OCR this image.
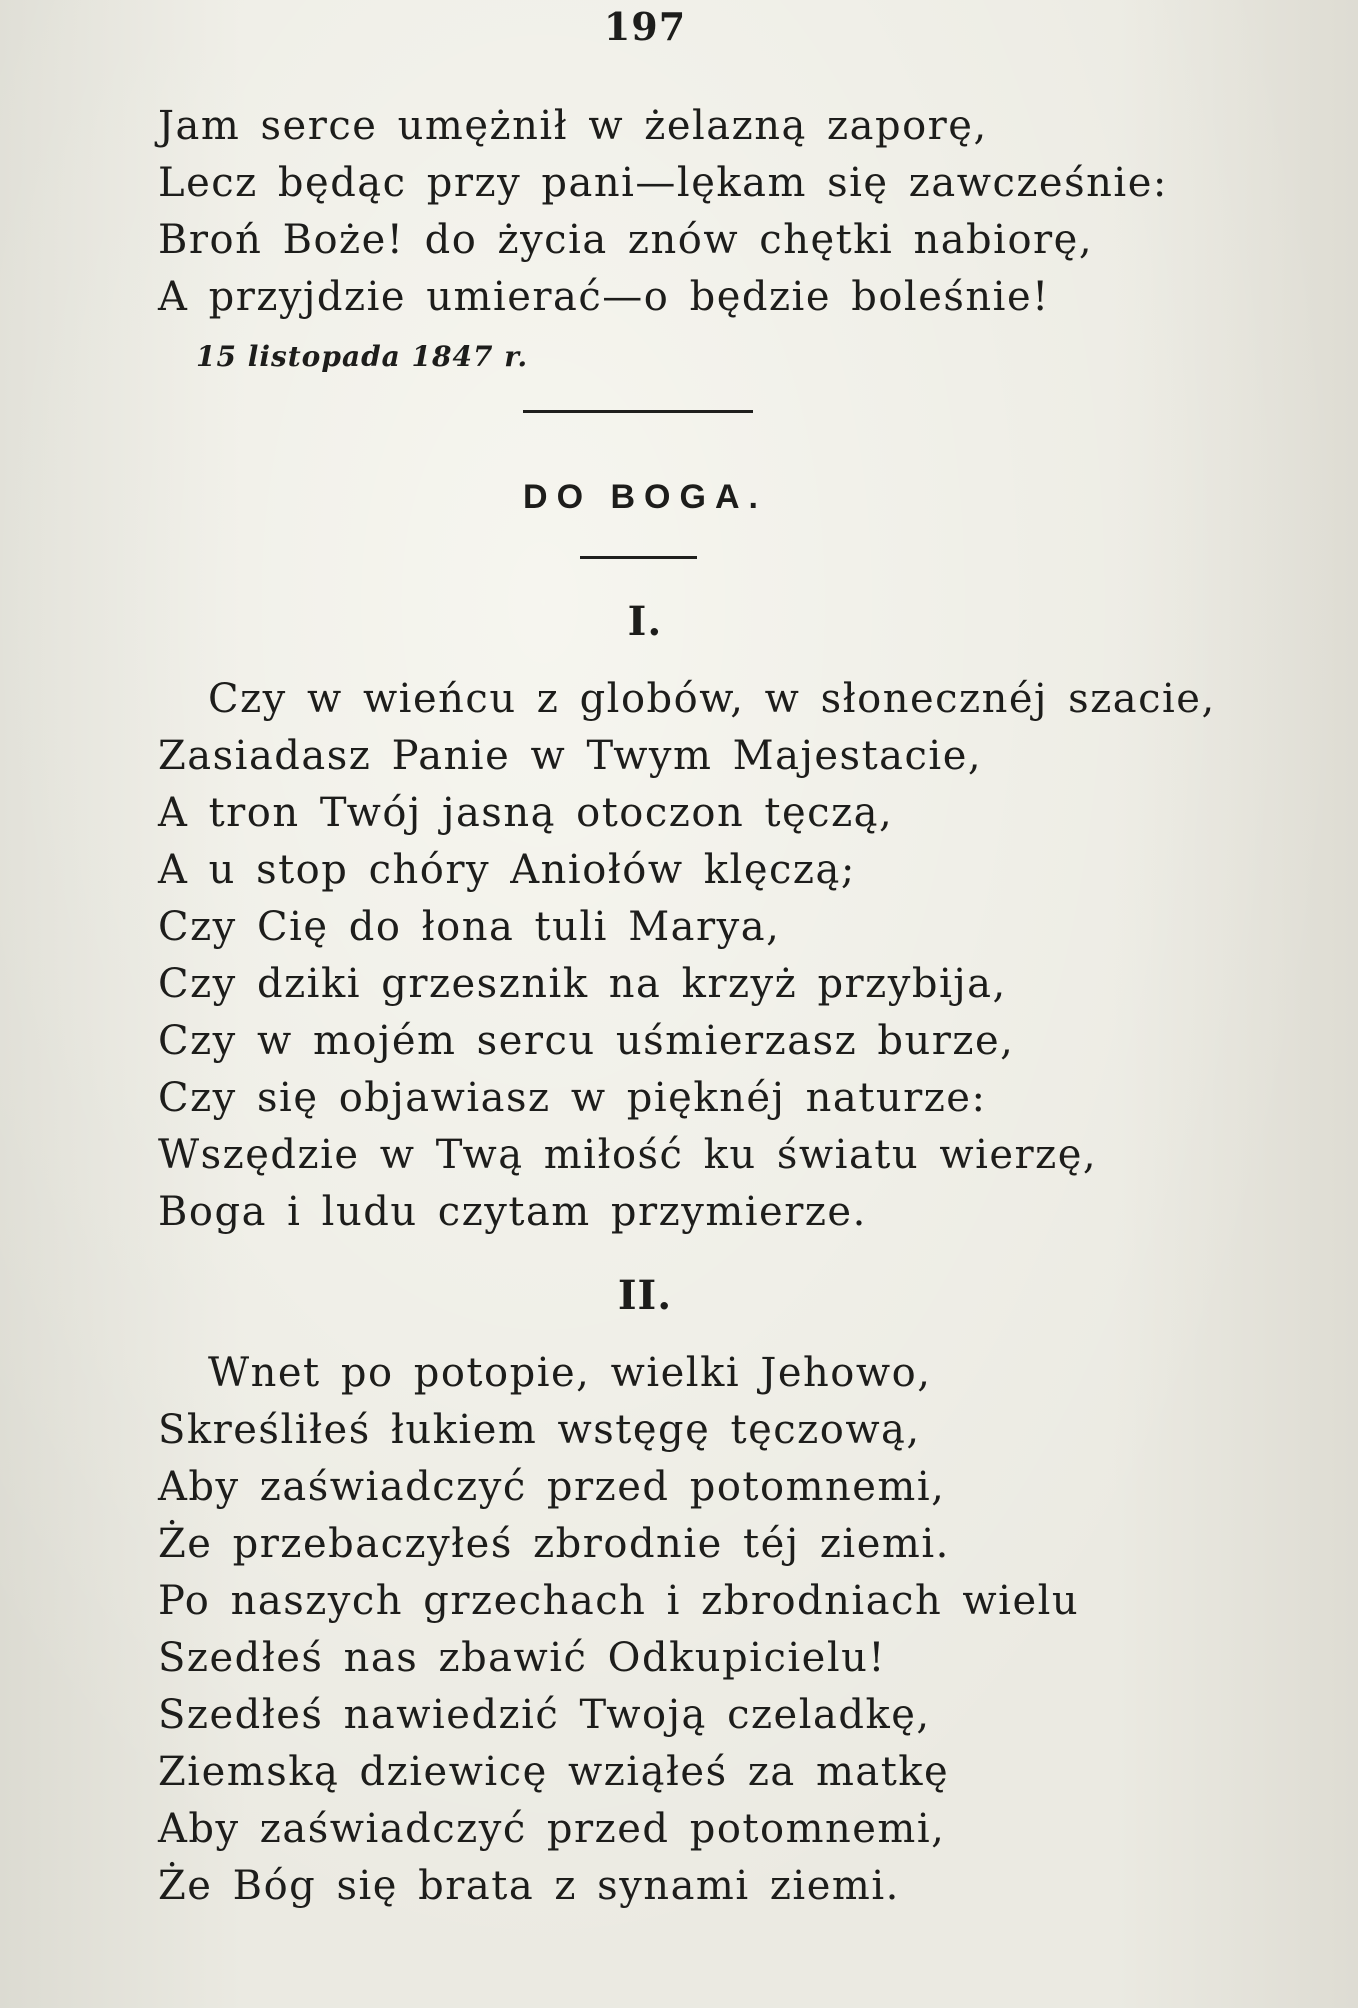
197
Jam serce umężnił w żelazną zaporę,
Lecz będąc przy pani—lękam się zawcześnie:
Broń Boże! do życia znów chętki nabiorę,
A przyjdzie umierać—o będzie boleśnie!
15 listopada 1847 r.
DO BOGA.
I.
Czy w wieńcu z globów, w słonecznéj szacie,
Zasiadasz Panie w Twym Majestacie,
A tron Twój jasną otoczon tęczą,
A u stop chóry Aniołów klęczą;
Czy Cię do łona tuli Marya,
Czy dziki grzesznik na krzyż przybija,
Czy w mojém sercu uśmierzasz burze,
Czy się objawiasz w pięknéj naturze:
Wszędzie w Twą miłość ku światu wierzę,
Boga i ludu czytam przymierze.
II.
Wnet po potopie, wielki Jehowo,
Skreśliłeś łukiem wstęgę tęczową,
Aby zaświadczyć przed potomnemi,
Że przebaczyłeś zbrodnie téj ziemi.
Po naszych grzechach i zbrodniach wielu
Szedłeś nas zbawić Odkupicielu!
Szedłeś nawiedzić Twoją czeladkę,
Ziemską dziewicę wziąłeś za matkę
Aby zaświadczyć przed potomnemi,
Że Bóg się brata z synami ziemi.
